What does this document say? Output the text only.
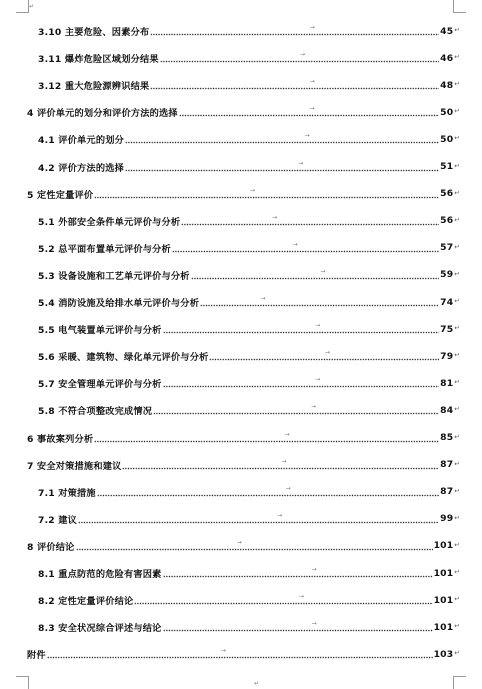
↵
↵
3.10 主要危险、因素分布	→	45 ↵
3.11 爆炸危险区域划分结果	→	46 ↵
3.12 重大危险源辨识结果	→	48 ↵
4 评价单元的划分和评价方法的选择	→	50 ↵
4.1 评价单元的划分	→	50 ↵
4.2 评价方法的选择	→	51 ↵
5 定性定量评价	→	56 ↵
5.1 外部安全条件单元评价与分析	→	56 ↵
5.2 总平面布置单元评价与分析	→	57 ↵
5.3 设备设施和工艺单元评价与分析	→	59 ↵
5.4 消防设施及给排水单元评价与分析	→	74 ↵
5.5 电气装置单元评价与分析	→	75 ↵
5.6 采暖、建筑物、绿化单元评价与分析	→	79 ↵
5.7 安全管理单元评价与分析	→	81 ↵
5.8 不符合项整改完成情况	→	84 ↵
6 事故案列分析	→	85 ↵
7 安全对策措施和建议	→	87 ↵
7.1 对策措施	→	87 ↵
7.2 建议	→	99 ↵
8 评价结论	→	101 ↵
8.1 重点防范的危险有害因素	→	101 ↵
8.2 定性定量评价结论	→	101 ↵
8.3 安全状况综合评述与结论	→	101 ↵
附件	→	103 ↵
